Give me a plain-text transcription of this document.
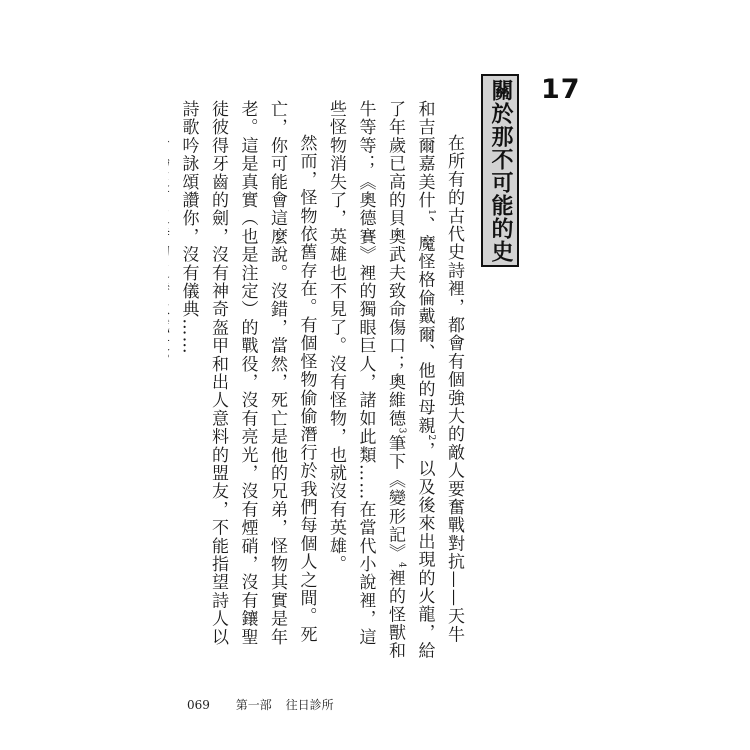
17
關於那不可能的史

在所有的古代史詩裡，都會有個強大的敵人要奮戰對抗——天牛和吉爾嘉美什$^1$、魔怪格倫戴爾、他的母親$^2$，以及後來出現的火龍，給了年歲已高的貝奧武夫致命傷口；奧維德$^3$筆下《變形記》$^4$裡的怪獸和牛等等；《奧德賽》裡的獨眼巨人，諸如此類……在當代小說裡，這些怪物消失了，英雄也不見了。沒有怪物，也就沒有英雄。

然而，怪物依舊存在。有個怪物偷偷潛行於我們每個人之間。死亡，你可能會這麼說。沒錯，當然，死亡是他的兄弟，怪物其實是年老。這是真實（也是注定）的戰役，沒有亮光，沒有煙硝，沒有鑲聖徒彼得牙齒的劍，沒有神奇盔甲和出人意料的盟友，不能指望詩人以詩歌吟詠頌讚你，沒有儀典……

069 第一部 往日診所
